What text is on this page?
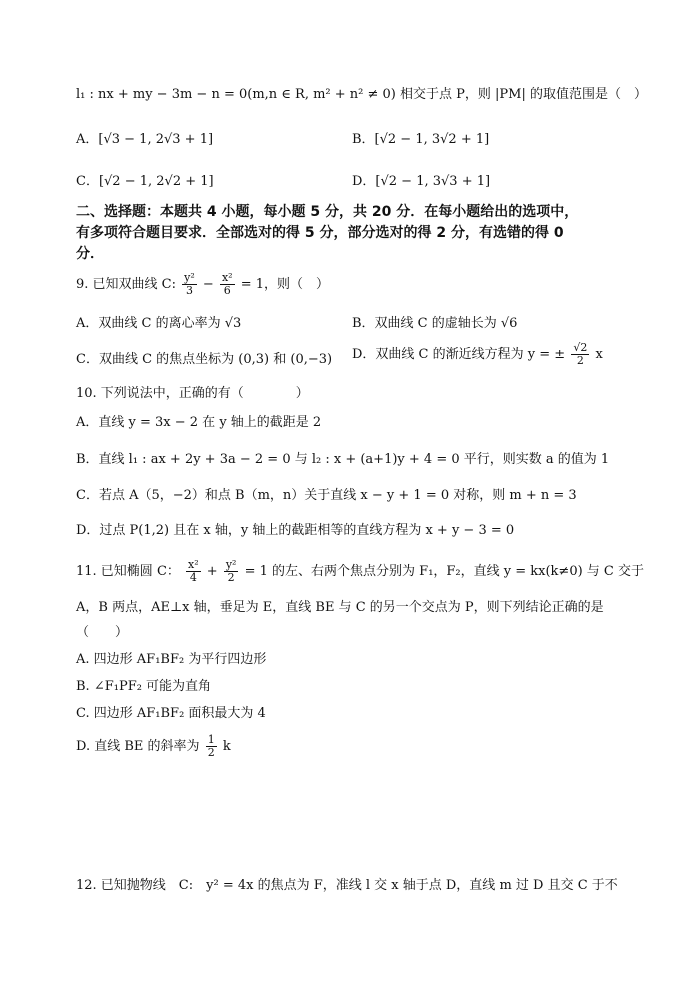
l₁ : nx + my − 3m − n = 0(m,n ∈ R, m² + n² ≠ 0) 相交于点 P，则 |PM| 的取值范围是（　）
A．[√3 − 1, 2√3 + 1]	B．[√2 − 1, 3√2 + 1]
C．[√2 − 1, 2√2 + 1]	D．[√2 − 1, 3√3 + 1]
二、选择题：本题共 4 小题，每小题 5 分，共 20 分．在每小题给出的选项中，
有多项符合题目要求．全部选对的得 5 分，部分选对的得 2 分，有选错的得 0
分．
9. 已知双曲线 C: $\frac{\text{y²}}{3} - \frac{\text{x²}}{6} = 1$，则（　）
A．双曲线 C 的离心率为 √3	B．双曲线 C 的虚轴长为 √6
C．双曲线 C 的焦点坐标为 (0,3) 和 (0,−3) D．双曲线 C 的渐近线方程为 y = ± $\frac{√2}{2}$ x
10. 下列说法中，正确的有（　　　　）
A．直线 y = 3x − 2 在 y 轴上的截距是 2
B．直线 l₁ : ax + 2y + 3a − 2 = 0 与 l₂ : x + (a+1)y + 4 = 0 平行，则实数 a 的值为 1
C．若点 A（5，−2）和点 B（m，n）关于直线 x − y + 1 = 0 对称，则 m + n = 3
D．过点 P(1,2) 且在 x 轴，y 轴上的截距相等的直线方程为 x + y − 3 = 0
11. 已知椭圆 C： $\frac{\text{x²}}{4} + \frac{\text{y²}}{2} = 1$ 的左、右两个焦点分别为 F₁，F₂，直线 y = kx(k≠0) 与 C 交于
A，B 两点，AE⊥x 轴，垂足为 E，直线 BE 与 C 的另一个交点为 P，则下列结论正确的是
（　　）
A. 四边形 AF₁BF₂ 为平行四边形
B. ∠F₁PF₂ 可能为直角
C. 四边形 AF₁BF₂ 面积最大为 4
D. 直线 BE 的斜率为 $\frac{1}{2}$ k
12. 已知抛物线　C:　y² = 4x 的焦点为 F，准线 l 交 x 轴于点 D，直线 m 过 D 且交 C 于不
